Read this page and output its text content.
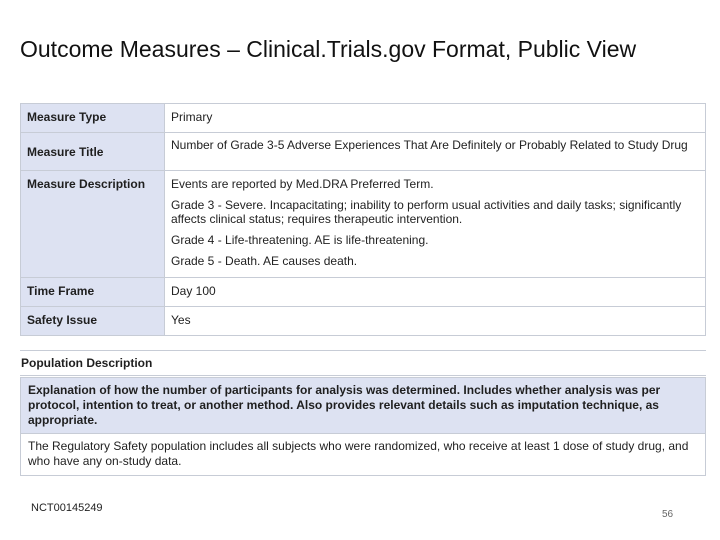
Outcome Measures – Clinical.Trials.gov Format, Public View
Measure Type	Primary
Measure Title	Number of Grade 3-5 Adverse Experiences That Are Definitely or Probably Related to Study Drug
Measure Description	Events are reported by Med.DRA Preferred Term.

Grade 3 - Severe. Incapacitating; inability to perform usual activities and daily tasks; significantly affects clinical status; requires therapeutic intervention.

Grade 4 - Life-threatening. AE is life-threatening.

Grade 5 - Death. AE causes death.

Time Frame	Day 100
Safety Issue	Yes
Population Description
Explanation of how the number of participants for analysis was determined. Includes whether analysis was per protocol, intention to treat, or another method. Also provides relevant details such as imputation technique, as appropriate.
The Regulatory Safety population includes all subjects who were randomized, who receive at least 1 dose of study drug, and who have any on-study data.
NCT00145249
56
